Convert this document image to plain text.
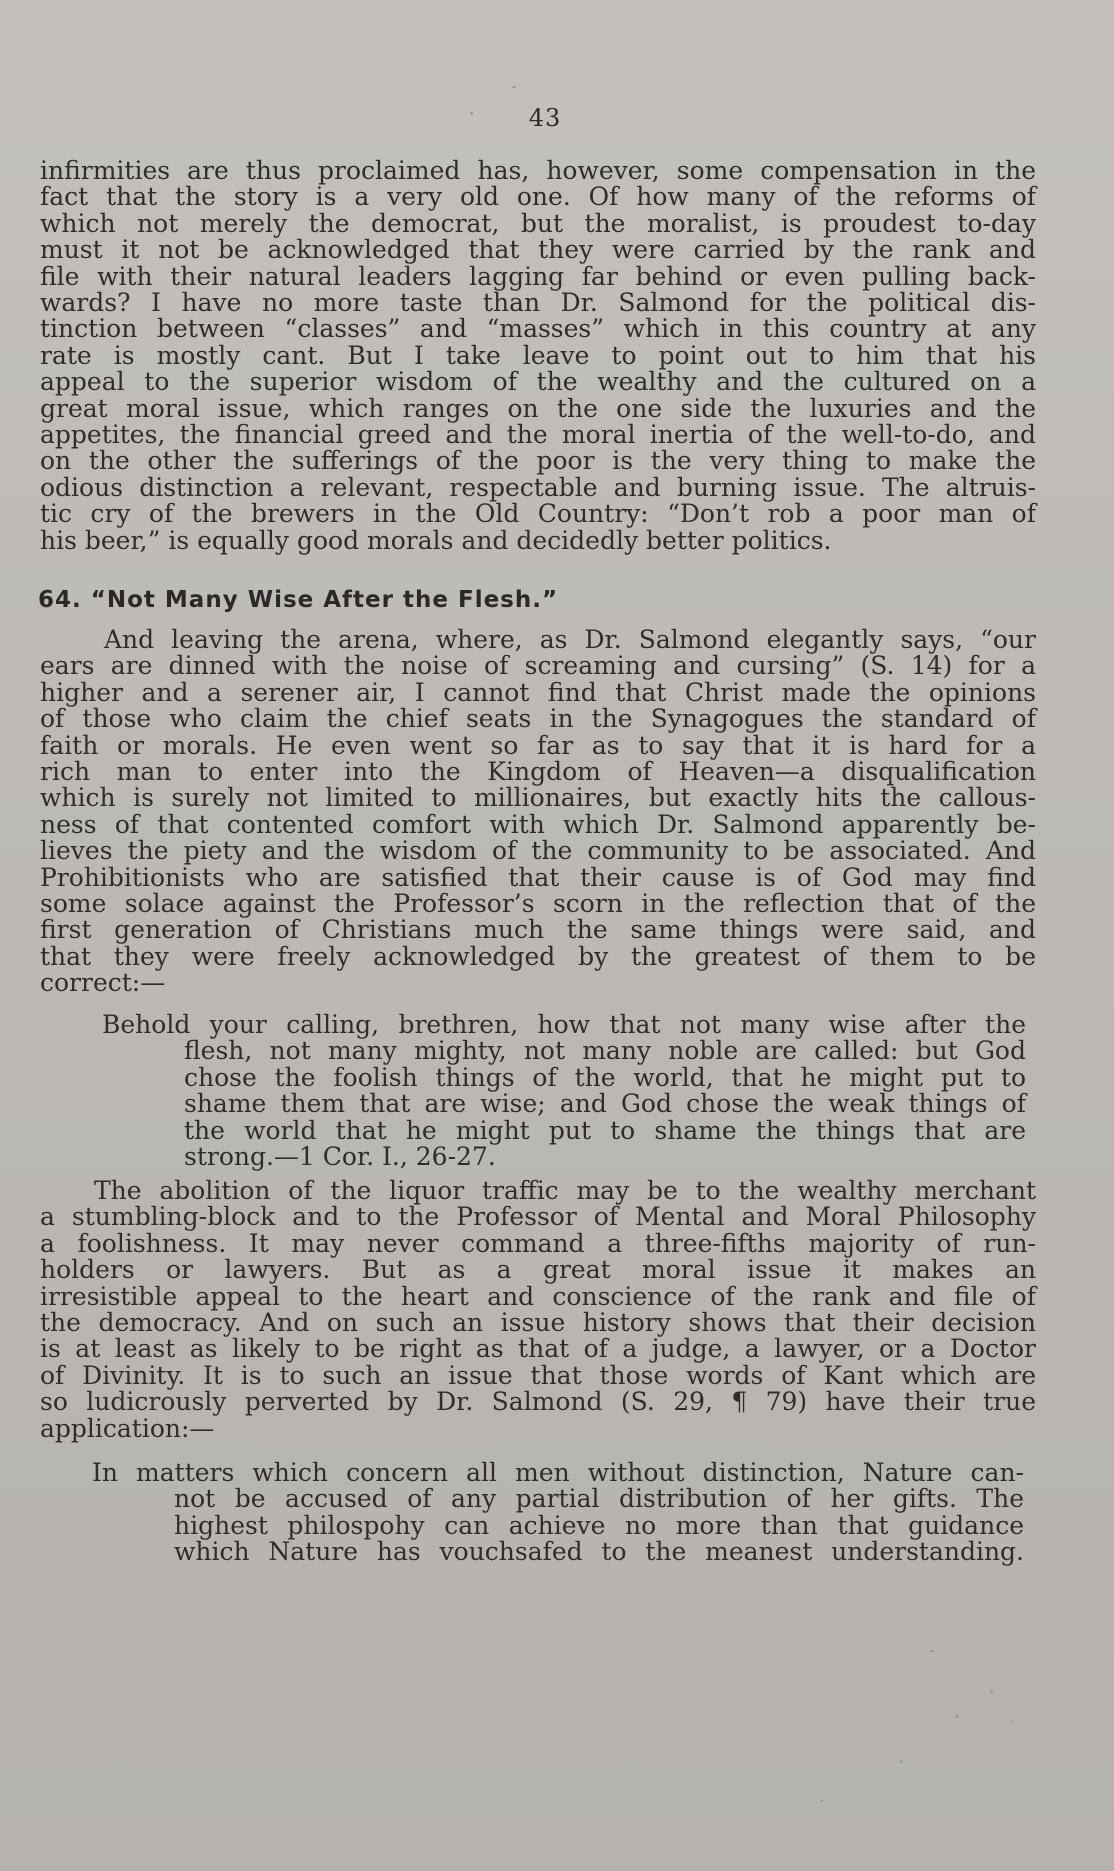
43
infirmities are thus proclaimed has, however, some compensation in the
fact that the story is a very old one. Of how many of the reforms of
which not merely the democrat, but the moralist, is proudest to-day
must it not be acknowledged that they were carried by the rank and
file with their natural leaders lagging far behind or even pulling back-
wards? I have no more taste than Dr. Salmond for the political dis-
tinction between “classes” and “masses” which in this country at any
rate is mostly cant. But I take leave to point out to him that his
appeal to the superior wisdom of the wealthy and the cultured on a
great moral issue, which ranges on the one side the luxuries and the
appetites, the financial greed and the moral inertia of the well-to-do, and
on the other the sufferings of the poor is the very thing to make the
odious distinction a relevant, respectable and burning issue. The altruis-
tic cry of the brewers in the Old Country: “Don’t rob a poor man of
his beer,” is equally good morals and decidedly better politics.
64. “Not Many Wise After the Flesh.”
And leaving the arena, where, as Dr. Salmond elegantly says, “our
ears are dinned with the noise of screaming and cursing” (S. 14) for a
higher and a serener air, I cannot find that Christ made the opinions
of those who claim the chief seats in the Synagogues the standard of
faith or morals. He even went so far as to say that it is hard for a
rich man to enter into the Kingdom of Heaven—a disqualification
which is surely not limited to millionaires, but exactly hits the callous-
ness of that contented comfort with which Dr. Salmond apparently be-
lieves the piety and the wisdom of the community to be associated. And
Prohibitionists who are satisfied that their cause is of God may find
some solace against the Professor’s scorn in the reflection that of the
first generation of Christians much the same things were said, and
that they were freely acknowledged by the greatest of them to be
correct:—
Behold your calling, brethren, how that not many wise after the
flesh, not many mighty, not many noble are called: but God
chose the foolish things of the world, that he might put to
shame them that are wise; and God chose the weak things of
the world that he might put to shame the things that are
strong.—1 Cor. I., 26-27.
The abolition of the liquor traffic may be to the wealthy merchant
a stumbling-block and to the Professor of Mental and Moral Philosophy
a foolishness. It may never command a three-fifths majority of run-
holders or lawyers. But as a great moral issue it makes an
irresistible appeal to the heart and conscience of the rank and file of
the democracy. And on such an issue history shows that their decision
is at least as likely to be right as that of a judge, a lawyer, or a Doctor
of Divinity. It is to such an issue that those words of Kant which are
so ludicrously perverted by Dr. Salmond (S. 29, ¶ 79) have their true
application:—
In matters which concern all men without distinction, Nature can-
not be accused of any partial distribution of her gifts. The
highest philospohy can achieve no more than that guidance
which Nature has vouchsafed to the meanest understanding.
